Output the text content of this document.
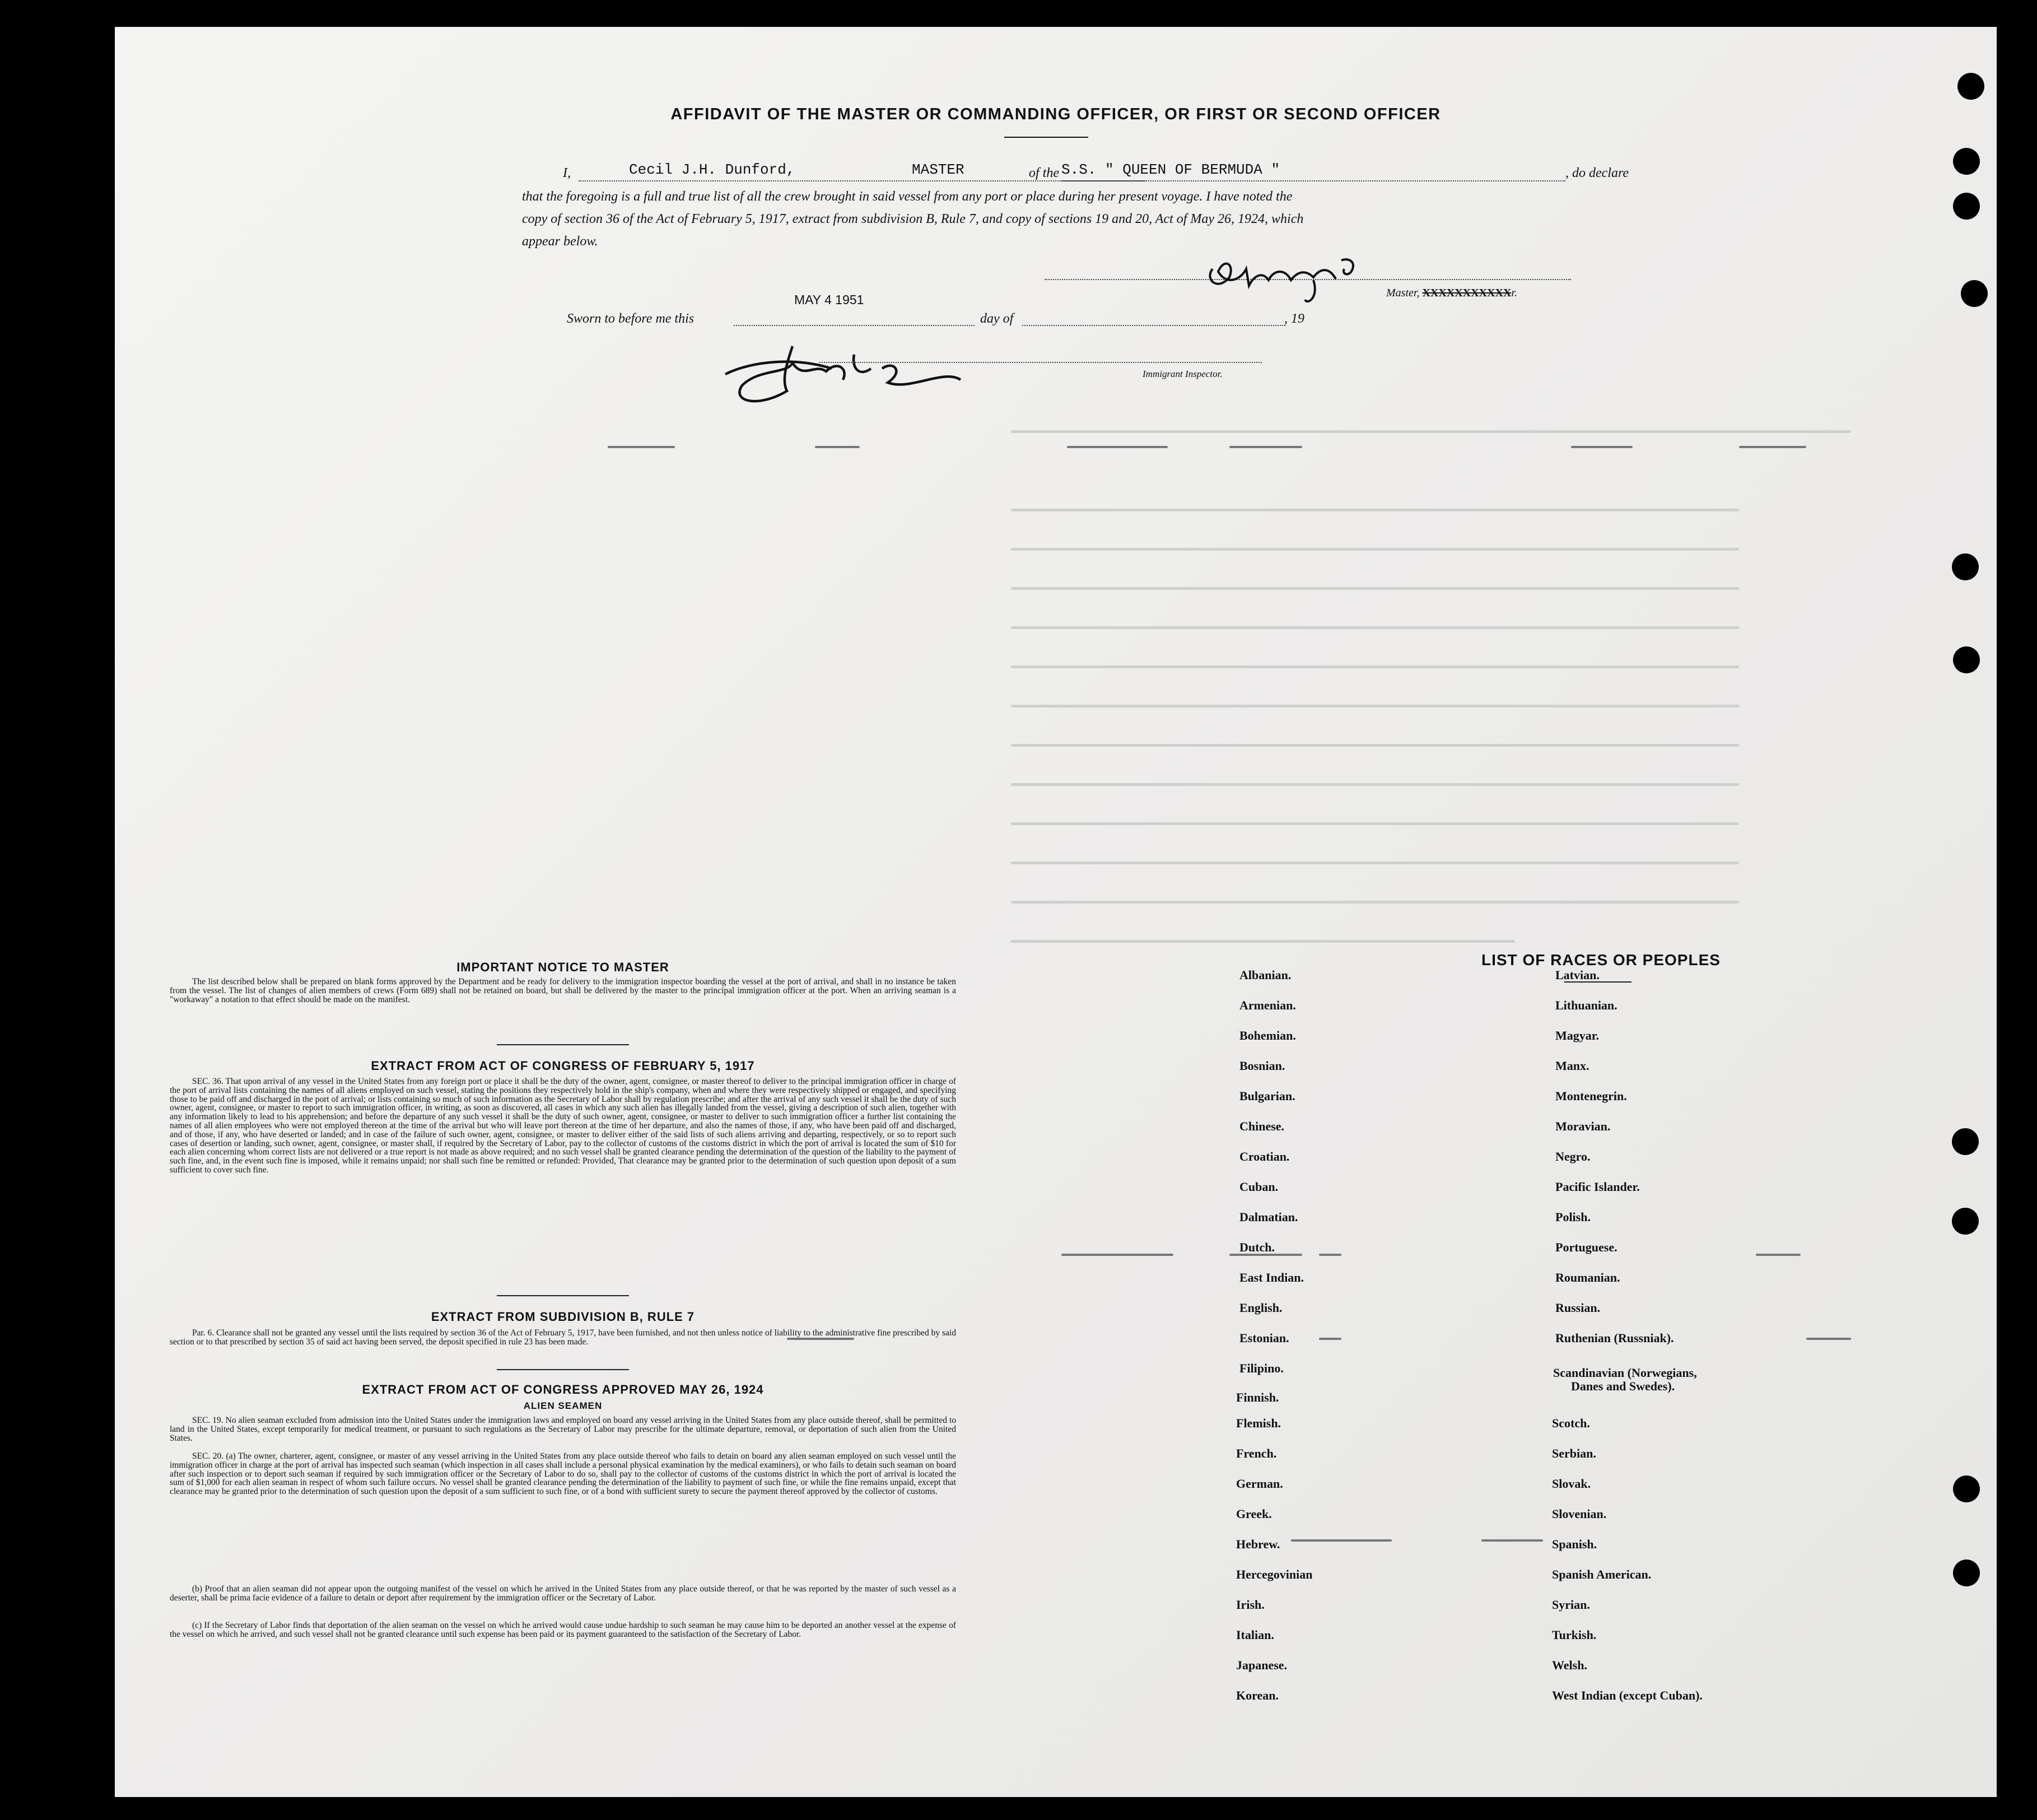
AFFIDAVIT OF THE MASTER OR COMMANDING OFFICER, OR FIRST OR SECOND OFFICER
I,	Cecil J.H. Dunford,	MASTER	of the S.S. " QUEEN OF BERMUDA "	, do declare
that the foregoing is a full and true list of all the crew brought in said vessel from any port or place during her present voyage. I have noted the
copy of section 36 of the Act of February 5, 1917, extract from subdivision B, Rule 7, and copy of sections 19 and 20, Act of May 26, 1924, which
appear below.
Master, XXXXXXXXXXXr.
MAY 4 1951
Sworn to before me this	day of	, 19
Immigrant Inspector.
IMPORTANT NOTICE TO MASTER
The list described below shall be prepared on blank forms approved by the Department and be ready for delivery to the immigration inspector boarding the vessel at the port of arrival, and shall in no instance be taken from the vessel. The list of changes of alien members of crews (Form 689) shall not be retained on board, but shall be delivered by the master to the principal immigration officer at the port. When an arriving seaman is a "workaway" a notation to that effect should be made on the manifest.
EXTRACT FROM ACT OF CONGRESS OF FEBRUARY 5, 1917
SEC. 36. That upon arrival of any vessel in the United States from any foreign port or place it shall be the duty of the owner, agent, consignee, or master thereof to deliver to the principal immigration officer in charge of the port of arrival lists containing the names of all aliens employed on such vessel, stating the positions they respectively hold in the ship's company, when and where they were respectively shipped or engaged, and specifying those to be paid off and discharged in the port of arrival; or lists containing so much of such information as the Secretary of Labor shall by regulation prescribe; and after the arrival of any such vessel it shall be the duty of such owner, agent, consignee, or master to report to such immigration officer, in writing, as soon as discovered, all cases in which any such alien has illegally landed from the vessel, giving a description of such alien, together with any information likely to lead to his apprehension; and before the departure of any such vessel it shall be the duty of such owner, agent, consignee, or master to deliver to such immigration officer a further list containing the names of all alien employees who were not employed thereon at the time of the arrival but who will leave port thereon at the time of her departure, and also the names of those, if any, who have been paid off and discharged, and of those, if any, who have deserted or landed; and in case of the failure of such owner, agent, consignee, or master to deliver either of the said lists of such aliens arriving and departing, respectively, or so to report such cases of desertion or landing, such owner, agent, consignee, or master shall, if required by the Secretary of Labor, pay to the collector of customs of the customs district in which the port of arrival is located the sum of $10 for each alien concerning whom correct lists are not delivered or a true report is not made as above required; and no such vessel shall be granted clearance pending the determination of the question of the liability to the payment of such fine, and, in the event such fine is imposed, while it remains unpaid; nor shall such fine be remitted or refunded: Provided, That clearance may be granted prior to the determination of such question upon deposit of a sum sufficient to cover such fine.
EXTRACT FROM SUBDIVISION B, RULE 7
Par. 6. Clearance shall not be granted any vessel until the lists required by section 36 of the Act of February 5, 1917, have been furnished, and not then unless notice of liability to the administrative fine prescribed by said section or to that prescribed by section 35 of said act having been served, the deposit specified in rule 23 has been made.
EXTRACT FROM ACT OF CONGRESS APPROVED MAY 26, 1924
ALIEN SEAMEN
SEC. 19. No alien seaman excluded from admission into the United States under the immigration laws and employed on board any vessel arriving in the United States from any place outside thereof, shall be permitted to land in the United States, except temporarily for medical treatment, or pursuant to such regulations as the Secretary of Labor may prescribe for the ultimate departure, removal, or deportation of such alien from the United States.
SEC. 20. (a) The owner, charterer, agent, consignee, or master of any vessel arriving in the United States from any place outside thereof who fails to detain on board any alien seaman employed on such vessel until the immigration officer in charge at the port of arrival has inspected such seaman (which inspection in all cases shall include a personal physical examination by the medical examiners), or who fails to detain such seaman on board after such inspection or to deport such seaman if required by such immigration officer or the Secretary of Labor to do so, shall pay to the collector of customs of the customs district in which the port of arrival is located the sum of $1,000 for each alien seaman in respect of whom such failure occurs. No vessel shall be granted clearance pending the determination of the liability to payment of such fine, or while the fine remains unpaid, except that clearance may be granted prior to the determination of such question upon the deposit of a sum sufficient to such fine, or of a bond with sufficient surety to secure the payment thereof approved by the collector of customs.
(b) Proof that an alien seaman did not appear upon the outgoing manifest of the vessel on which he arrived in the United States from any place outside thereof, or that he was reported by the master of such vessel as a deserter, shall be prima facie evidence of a failure to detain or deport after requirement by the immigration officer or the Secretary of Labor.
(c) If the Secretary of Labor finds that deportation of the alien seaman on the vessel on which he arrived would cause undue hardship to such seaman he may cause him to be deported an another vessel at the expense of the vessel on which he arrived, and such vessel shall not be granted clearance until such expense has been paid or its payment guaranteed to the satisfaction of the Secretary of Labor.
LIST OF RACES OR PEOPLES
Albanian.
Armenian.
Bohemian.
Bosnian.
Bulgarian.
Chinese.
Croatian.
Cuban.
Dalmatian.
Dutch.
East Indian.
English.
Estonian.
Filipino.
Finnish.
Flemish.
French.
German.
Greek.
Hebrew.
Hercegovinian
Irish.
Italian.
Japanese.
Korean.
Latvian.
Lithuanian.
Magyar.
Manx.
Montenegrin.
Moravian.
Negro.
Pacific Islander.
Polish.
Portuguese.
Roumanian.
Russian.
Ruthenian (Russniak).
Scandinavian (Norwegians,
Danes and Swedes).
Scotch.
Serbian.
Slovak.
Slovenian.
Spanish.
Spanish American.
Syrian.
Turkish.
Welsh.
West Indian (except Cuban).
